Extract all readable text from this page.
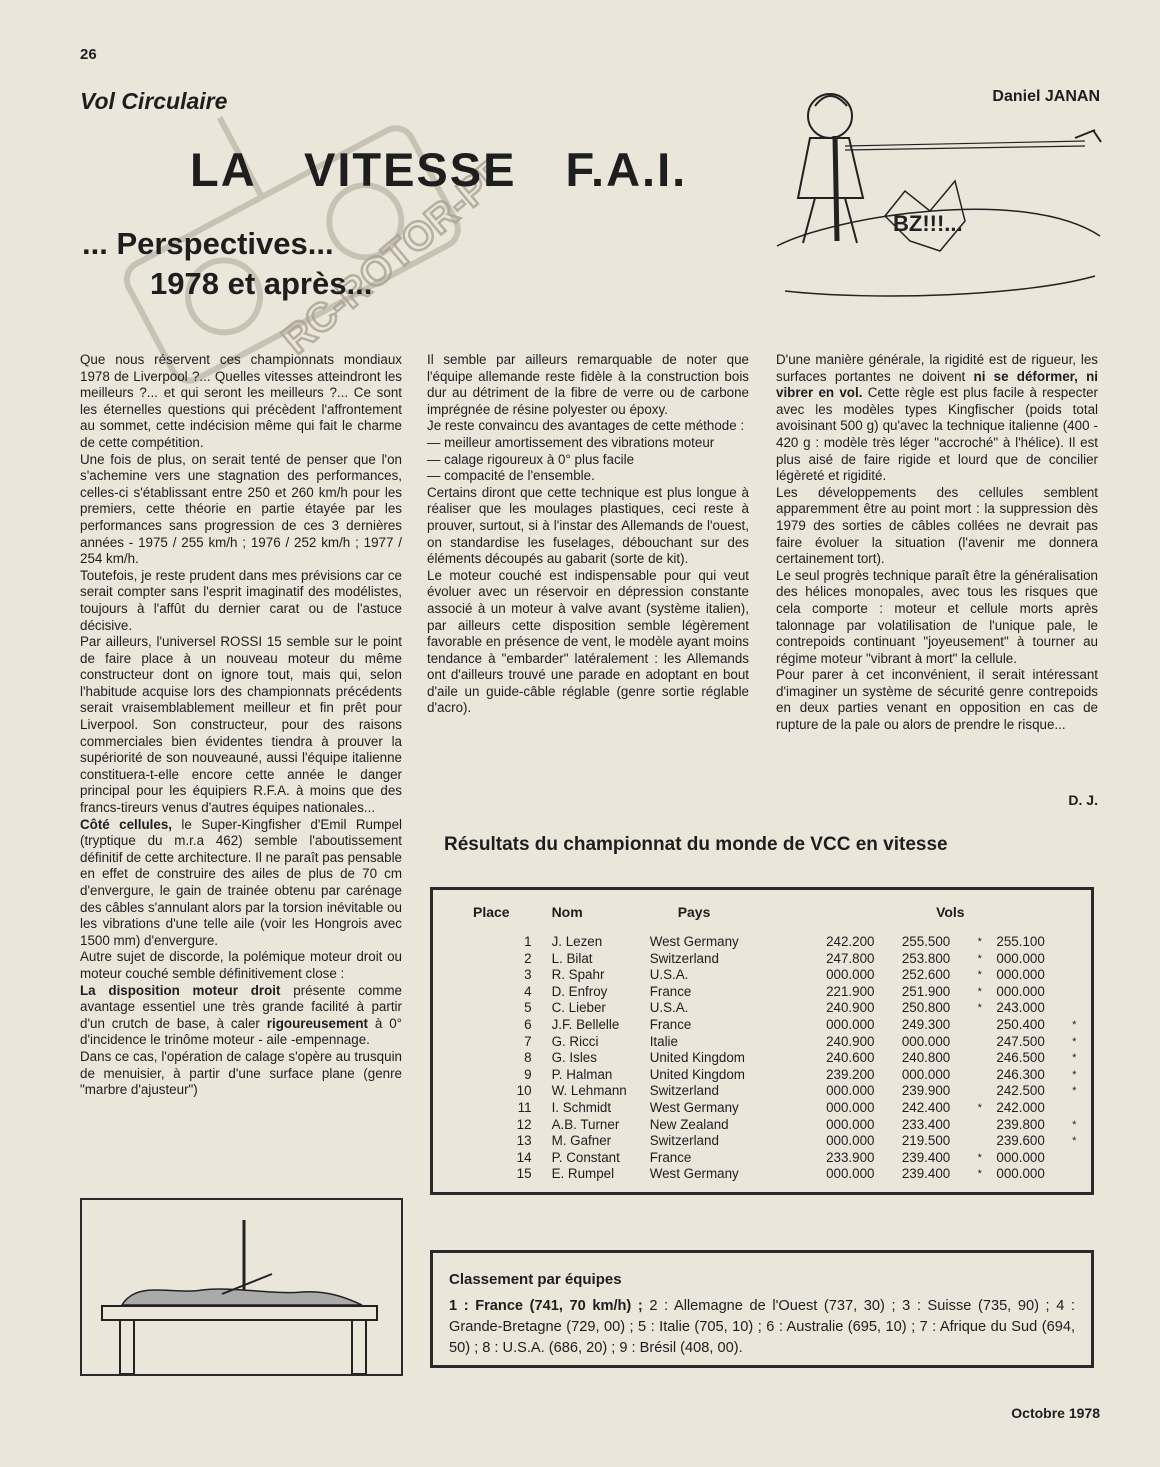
RC-ROTOR-PER.COM
26
Vol Circulaire	Daniel JANAN
LA VITESSE F.A.I.
... Perspectives...
1978 et après...
BZ!!!...

Que nous réservent ces championnats mondiaux 1978 de Liverpool ?... Quelles vitesses atteindront les meilleurs ?... et qui seront les meilleurs ?... Ce sont les éternelles questions qui précèdent l'affrontement au sommet, cette indécision même qui fait le charme de cette compétition.

Une fois de plus, on serait tenté de penser que l'on s'achemine vers une stagnation des performances, celles-ci s'établissant entre 250 et 260 km/h pour les premiers, cette théorie en partie étayée par les performances sans progression de ces 3 dernières années - 1975 / 255 km/h ; 1976 / 252 km/h ; 1977 / 254 km/h.

Toutefois, je reste prudent dans mes prévisions car ce serait compter sans l'esprit imaginatif des modélistes, toujours à l'affût du dernier carat ou de l'astuce décisive.

Par ailleurs, l'universel ROSSI 15 semble sur le point de faire place à un nouveau moteur du même constructeur dont on ignore tout, mais qui, selon l'habitude acquise lors des championnats précédents serait vraisemblablement meilleur et fin prêt pour Liverpool. Son constructeur, pour des raisons commerciales bien évidentes tiendra à prouver la supériorité de son nouveauné, aussi l'équipe italienne constituera-t-elle encore cette année le danger principal pour les équipiers R.F.A. à moins que des francs-tireurs venus d'autres équipes nationales...

Côté cellules, le Super-Kingfisher d'Emil Rumpel (tryptique du m.r.a 462) semble l'aboutissement définitif de cette architecture. Il ne paraît pas pensable en effet de construire des ailes de plus de 70 cm d'envergure, le gain de trainée obtenu par carénage des câbles s'annulant alors par la torsion inévitable ou les vibrations d'une telle aile (voir les Hongrois avec 1500 mm) d'envergure.

Autre sujet de discorde, la polémique moteur droit ou moteur couché semble définitivement close :

La disposition moteur droit présente comme avantage essentiel une très grande facilité à partir d'un crutch de base, à caler rigoureusement à 0° d'incidence le trinôme moteur - aile -empennage.

Dans ce cas, l'opération de calage s'opère au trusquin de menuisier, à partir d'une surface plane (genre "marbre d'ajusteur")

Il semble par ailleurs remarquable de noter que l'équipe allemande reste fidèle à la construction bois dur au détriment de la fibre de verre ou de carbone imprégnée de résine polyester ou époxy.

Je reste convaincu des avantages de cette méthode :

— meilleur amortissement des vibrations moteur

— calage rigoureux à 0° plus facile

— compacité de l'ensemble.

Certains diront que cette technique est plus longue à réaliser que les moulages plastiques, ceci reste à prouver, surtout, si à l'instar des Allemands de l'ouest, on standardise les fuselages, débouchant sur des éléments découpés au gabarit (sorte de kit).

Le moteur couché est indispensable pour qui veut évoluer avec un réservoir en dépression constante associé à un moteur à valve avant (système italien), par ailleurs cette disposition semble légèrement favorable en présence de vent, le modèle ayant moins tendance à "embarder" latéralement : les Allemands ont d'ailleurs trouvé une parade en adoptant en bout d'aile un guide-câble réglable (genre sortie réglable d'acro).

D'une manière générale, la rigidité est de rigueur, les surfaces portantes ne doivent ni se déformer, ni vibrer en vol. Cette règle est plus facile à respecter avec les modèles types Kingfischer (poids total avoisinant 500 g) qu'avec la technique italienne (400 - 420 g : modèle très léger "accroché" à l'hélice). Il est plus aisé de faire rigide et lourd que de concilier légèreté et rigidité.

Les développements des cellules semblent apparemment être au point mort : la suppression dès 1979 des sorties de câbles collées ne devrait pas faire évoluer la situation (l'avenir me donnera certainement tort).

Le seul progrès technique paraît être la généralisation des hélices monopales, avec tous les risques que cela comporte : moteur et cellule morts après talonnage par volatilisation de l'unique pale, le contrepoids continuant "joyeusement" à tourner au régime moteur "vibrant à mort" la cellule.

Pour parer à cet inconvénient, il serait intéressant d'imaginer un système de sécurité genre contrepoids en deux parties venant en opposition en cas de rupture de la pale ou alors de prendre le risque...

D. J.
Résultats du championnat du monde de VCC en vitesse
Place	Nom	Pays	Vols				
1	J. Lezen	West Germany	242.200	255.500	*	255.100	
2	L. Bilat	Switzerland	247.800	253.800	*	000.000	
3	R. Spahr	U.S.A.	000.000	252.600	*	000.000	
4	D. Enfroy	France	221.900	251.900	*	000.000	
5	C. Lieber	U.S.A.	240.900	250.800	*	243.000	
6	J.F. Bellelle	France	000.000	249.300		250.400	*
7	G. Ricci	Italie	240.900	000.000		247.500	*
8	G. Isles	United Kingdom	240.600	240.800		246.500	*
9	P. Halman	United Kingdom	239.200	000.000		246.300	*
10	W. Lehmann	Switzerland	000.000	239.900		242.500	*
11	I. Schmidt	West Germany	000.000	242.400	*	242.000	
12	A.B. Turner	New Zealand	000.000	233.400		239.800	*
13	M. Gafner	Switzerland	000.000	219.500		239.600	*
14	P. Constant	France	233.900	239.400	*	000.000	
15	E. Rumpel	West Germany	000.000	239.400	*	000.000	
Classement par équipes
1 : France (741, 70 km/h) ; 2 : Allemagne de l'Ouest (737, 30) ; 3 : Suisse (735, 90) ; 4 : Grande-Bretagne (729, 00) ; 5 : Italie (705, 10) ; 6 : Australie (695, 10) ; 7 : Afrique du Sud (694, 50) ; 8 : U.S.A. (686, 20) ; 9 : Brésil (408, 00).
Octobre 1978
